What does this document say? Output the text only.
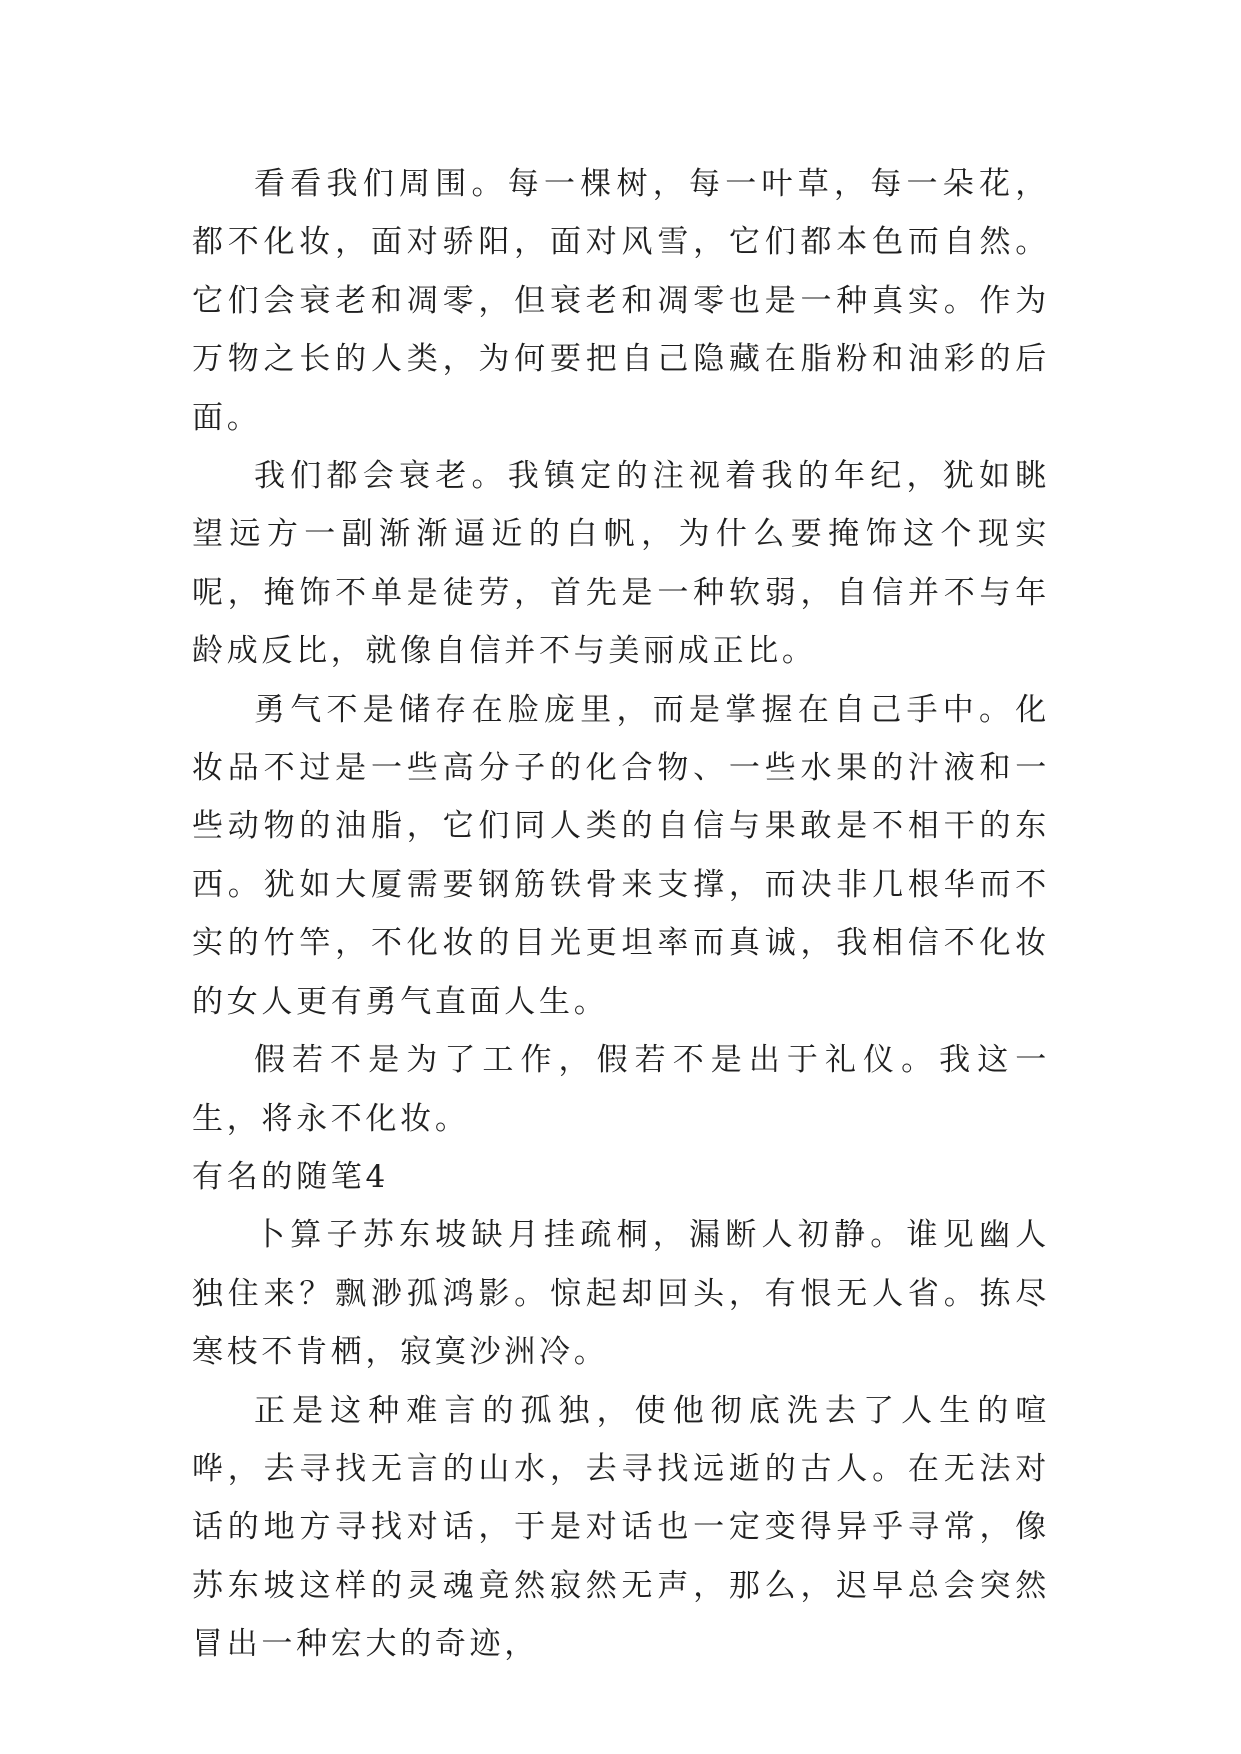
看看我们周围。每一棵树，每一叶草，每一朵花，都不化妆，面对骄阳，面对风雪，它们都本色而自然。它们会衰老和凋零，但衰老和凋零也是一种真实。作为万物之长的人类，为何要把自己隐藏在脂粉和油彩的后面。

我们都会衰老。我镇定的注视着我的年纪，犹如眺望远方一副渐渐逼近的白帆，为什么要掩饰这个现实呢，掩饰不单是徒劳，首先是一种软弱，自信并不与年龄成反比，就像自信并不与美丽成正比。

勇气不是储存在脸庞里，而是掌握在自己手中。化妆品不过是一些高分子的化合物、一些水果的汁液和一些动物的油脂，它们同人类的自信与果敢是不相干的东西。犹如大厦需要钢筋铁骨来支撑，而决非几根华而不实的竹竿，不化妆的目光更坦率而真诚，我相信不化妆的女人更有勇气直面人生。

假若不是为了工作，假若不是出于礼仪。我这一生，将永不化妆。

有名的随笔4

卜算子苏东坡缺月挂疏桐，漏断人初静。谁见幽人独住来？飘渺孤鸿影。惊起却回头，有恨无人省。拣尽寒枝不肯栖，寂寞沙洲冷。

正是这种难言的孤独，使他彻底洗去了人生的喧哗，去寻找无言的山水，去寻找远逝的古人。在无法对话的地方寻找对话，于是对话也一定变得异乎寻常，像苏东坡这样的灵魂竟然寂然无声，那么，迟早总会突然冒出一种宏大的奇迹，
